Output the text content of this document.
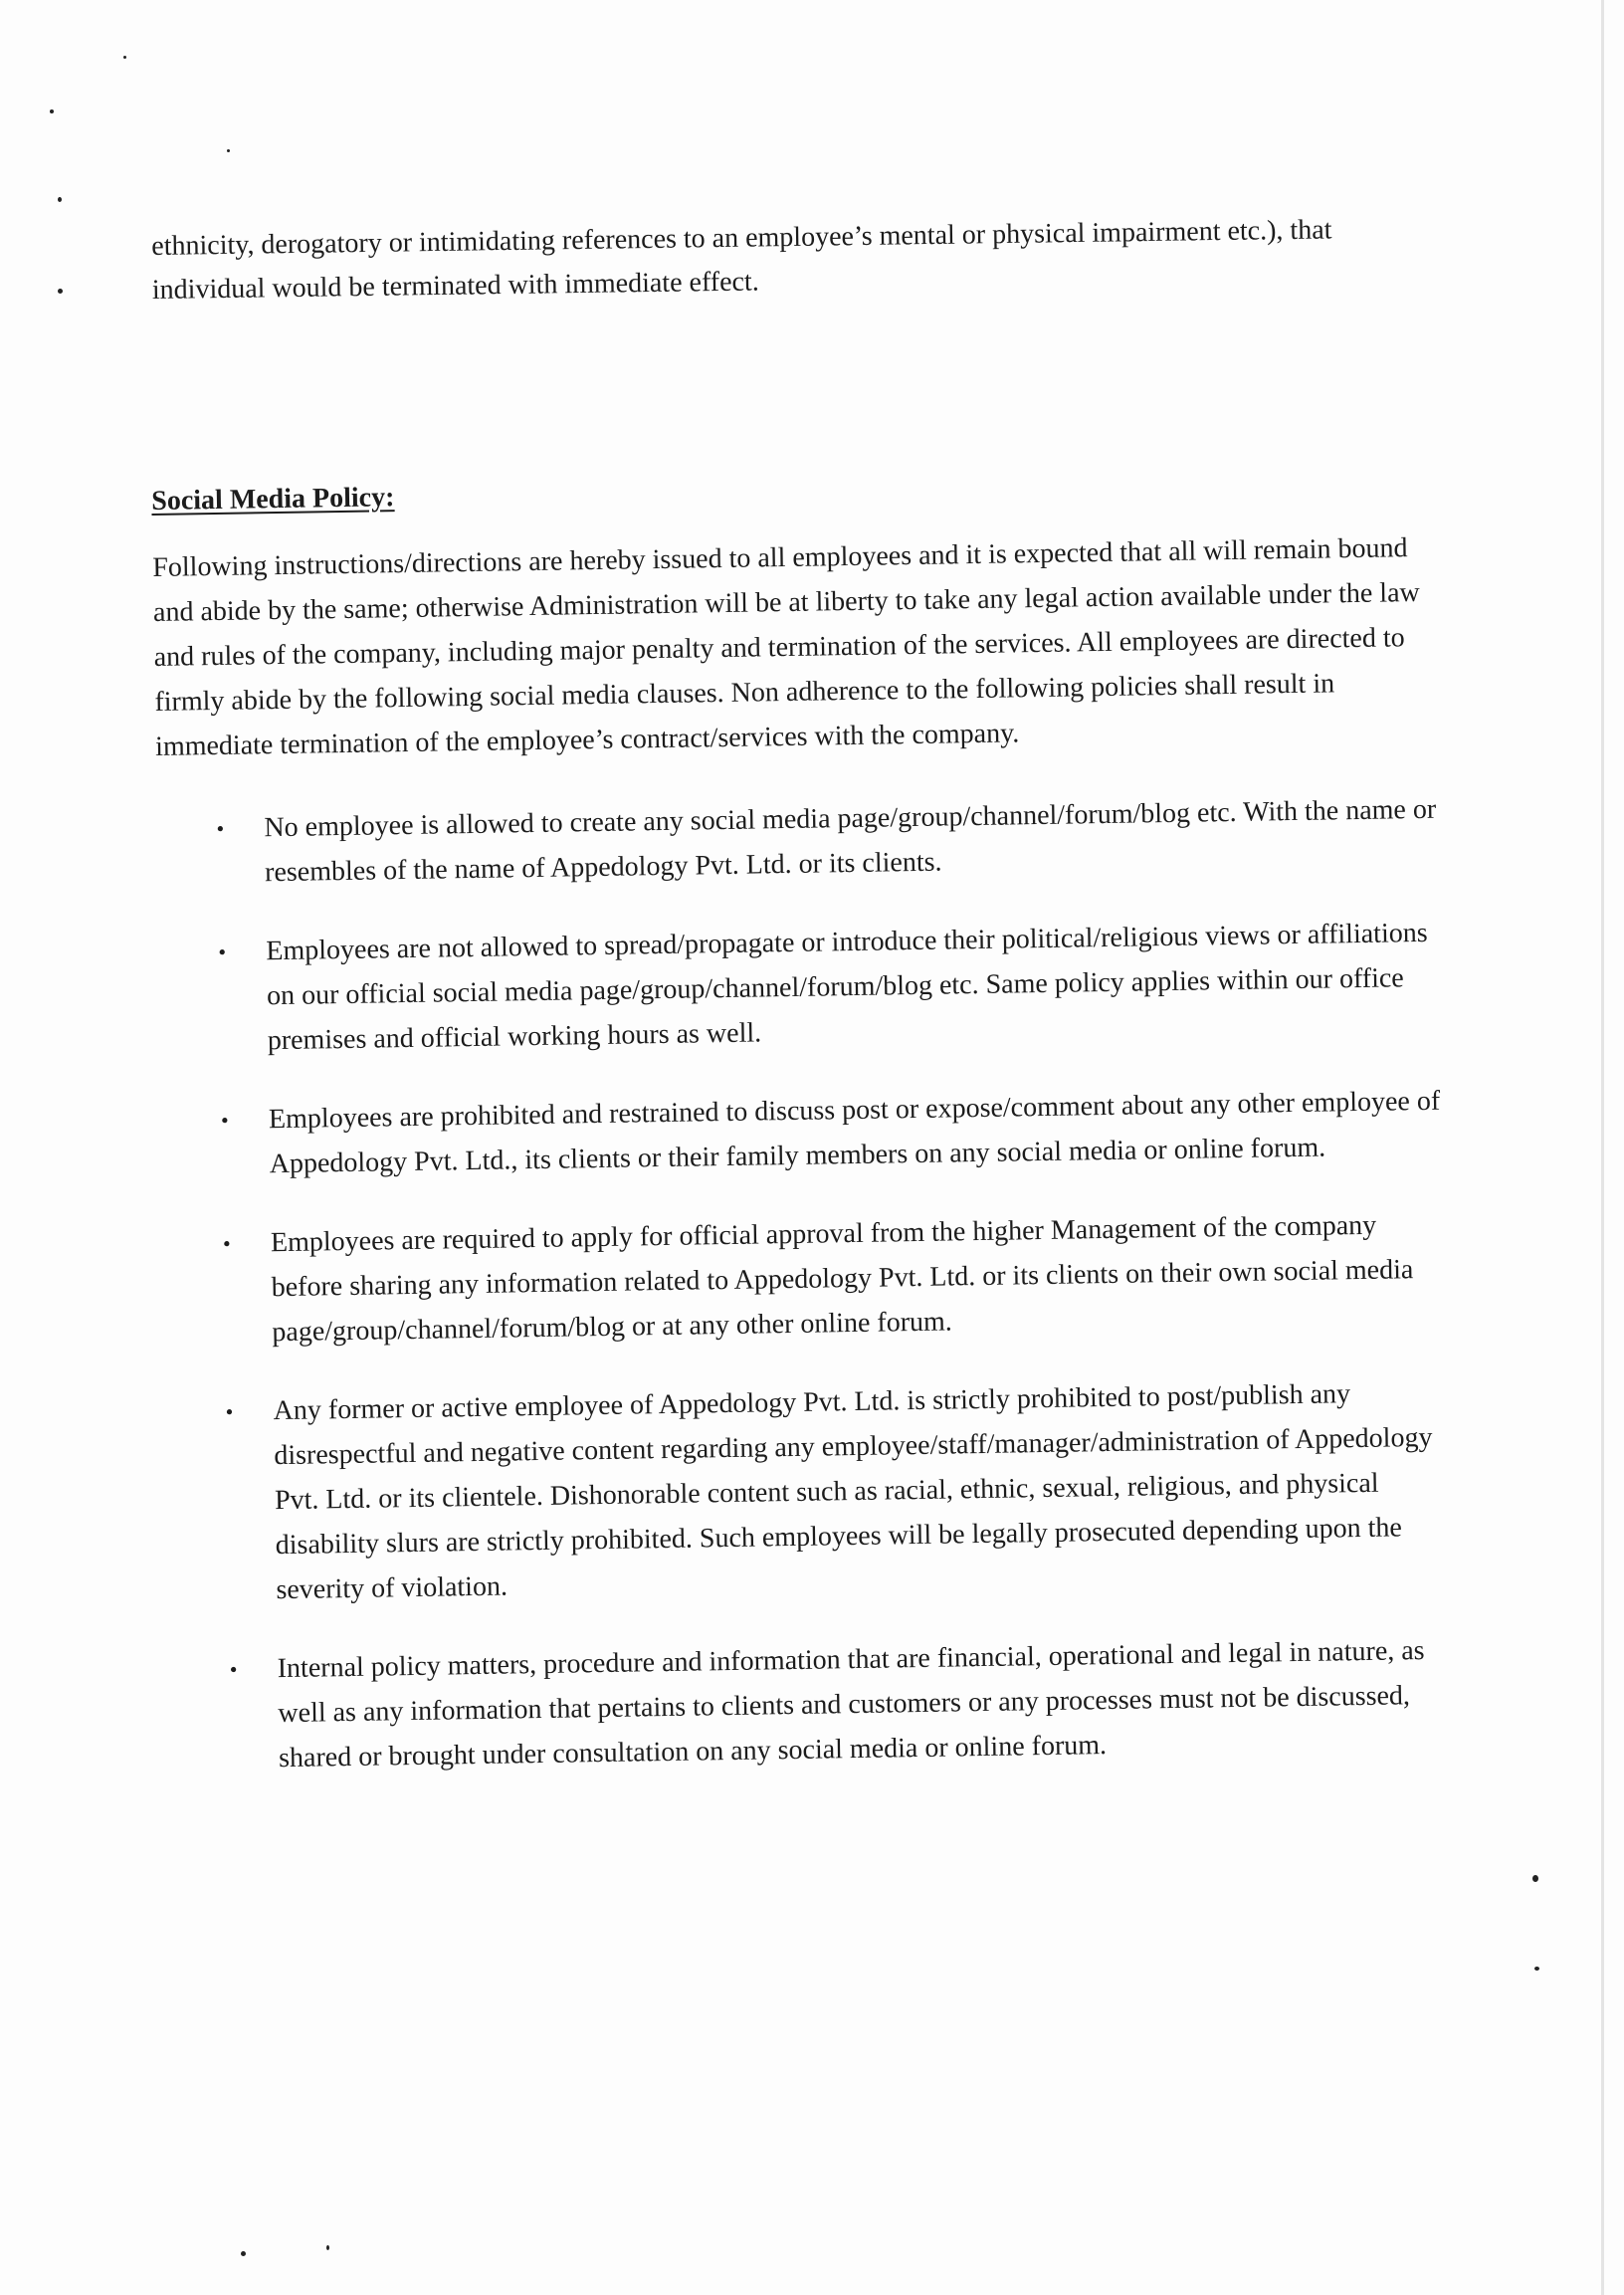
ethnicity, derogatory or intimidating references to an employee’s mental or physical impairment etc.), that individual would be terminated with immediate effect.

Social Media Policy:

Following instructions/directions are hereby issued to all employees and it is expected that all will remain bound and abide by the same; otherwise Administration will be at liberty to take any legal action available under the law and rules of the company, including major penalty and termination of the services. All employees are directed to firmly abide by the following social media clauses. Non adherence to the following policies shall result in immediate termination of the employee’s contract/services with the company.

• No employee is allowed to create any social media page/group/channel/forum/blog etc. With the name or resembles of the name of Appedology Pvt. Ltd. or its clients.
• Employees are not allowed to spread/propagate or introduce their political/religious views or affiliations on our official social media page/group/channel/forum/blog etc. Same policy applies within our office premises and official working hours as well.
• Employees are prohibited and restrained to discuss post or expose/comment about any other employee of Appedology Pvt. Ltd., its clients or their family members on any social media or online forum.
• Employees are required to apply for official approval from the higher Management of the company before sharing any information related to Appedology Pvt. Ltd. or its clients on their own social media page/group/channel/forum/blog or at any other online forum.
• Any former or active employee of Appedology Pvt. Ltd. is strictly prohibited to post/publish any disrespectful and negative content regarding any employee/staff/manager/administration of Appedology Pvt. Ltd. or its clientele. Dishonorable content such as racial, ethnic, sexual, religious, and physical disability slurs are strictly prohibited. Such employees will be legally prosecuted depending upon the severity of violation.
• Internal policy matters, procedure and information that are financial, operational and legal in nature, as well as any information that pertains to clients and customers or any processes must not be discussed, shared or brought under consultation on any social media or online forum.
